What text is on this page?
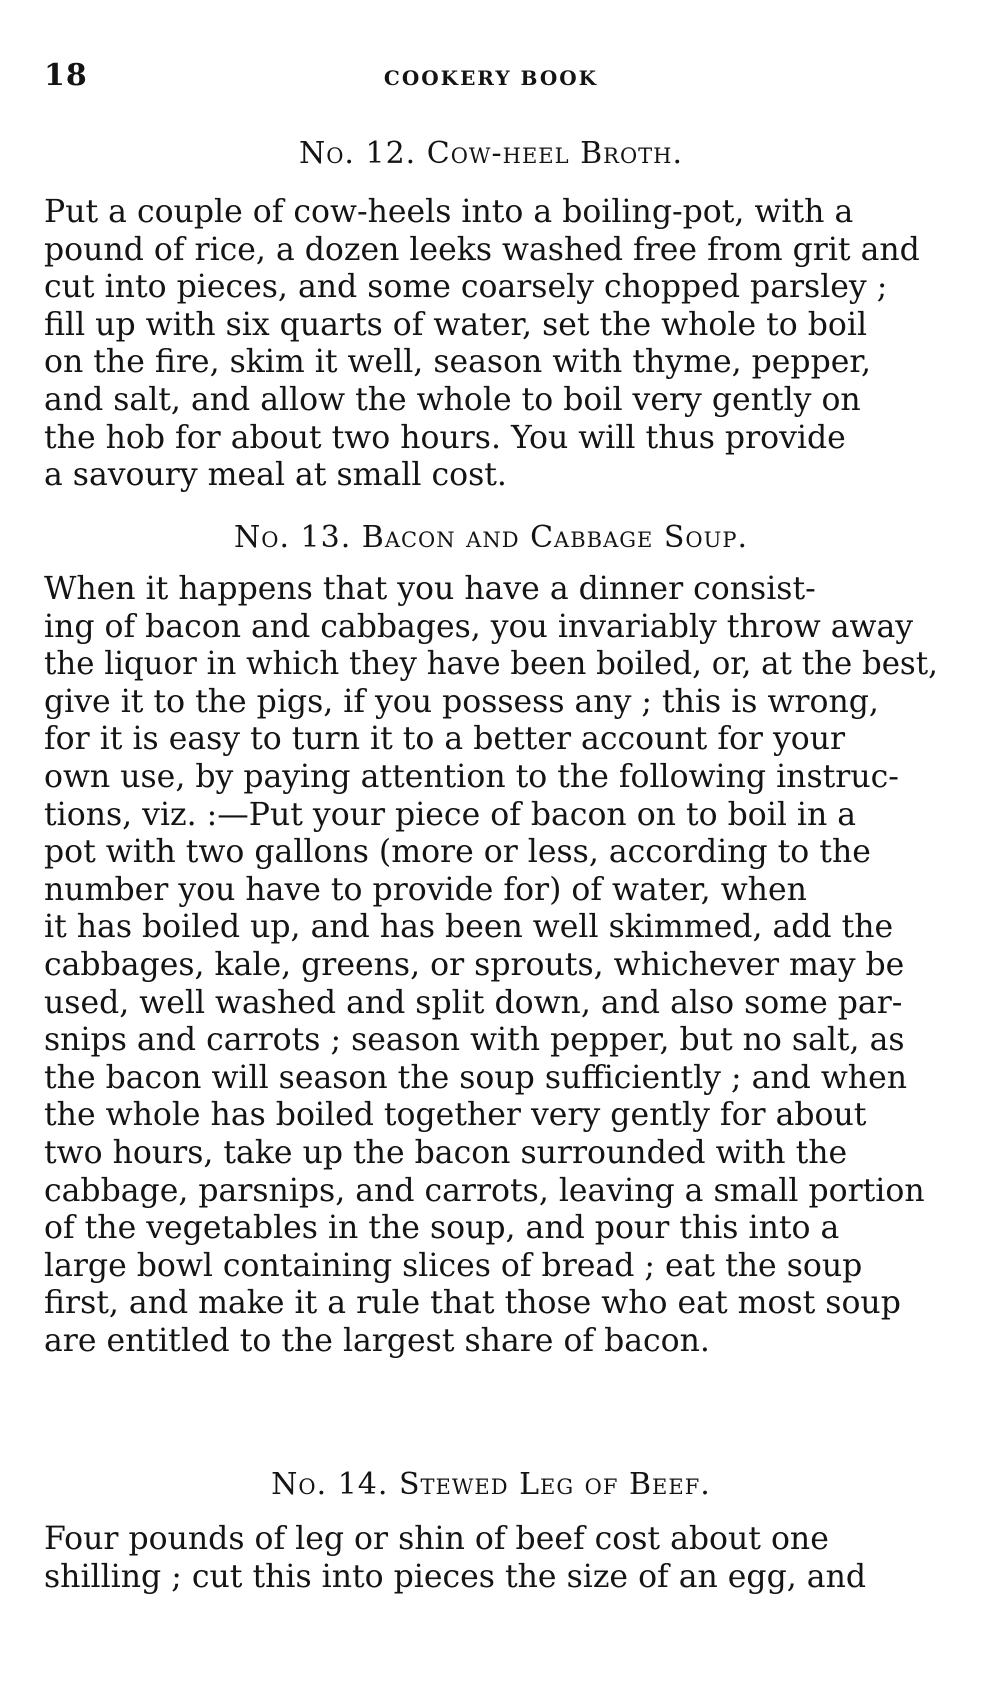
18	COOKERY BOOK
No. 12. Cow-heel Broth.
Put a couple of cow-heels into a boiling-pot, with a
pound of rice, a dozen leeks washed free from grit and
cut into pieces, and some coarsely chopped parsley ;
fill up with six quarts of water, set the whole to boil
on the fire, skim it well, season with thyme, pepper,
and salt, and allow the whole to boil very gently on
the hob for about two hours. You will thus provide
a savoury meal at small cost.
No. 13. Bacon and Cabbage Soup.
When it happens that you have a dinner consist-
ing of bacon and cabbages, you invariably throw away
the liquor in which they have been boiled, or, at the best,
give it to the pigs, if you possess any ; this is wrong,
for it is easy to turn it to a better account for your
own use, by paying attention to the following instruc-
tions, viz. :—Put your piece of bacon on to boil in a
pot with two gallons (more or less, according to the
number you have to provide for) of water, when
it has boiled up, and has been well skimmed, add the
cabbages, kale, greens, or sprouts, whichever may be
used, well washed and split down, and also some par-
snips and carrots ; season with pepper, but no salt, as
the bacon will season the soup sufficiently ; and when
the whole has boiled together very gently for about
two hours, take up the bacon surrounded with the
cabbage, parsnips, and carrots, leaving a small portion
of the vegetables in the soup, and pour this into a
large bowl containing slices of bread ; eat the soup
first, and make it a rule that those who eat most soup
are entitled to the largest share of bacon.
No. 14. Stewed Leg of Beef.
Four pounds of leg or shin of beef cost about one
shilling ; cut this into pieces the size of an egg, and
